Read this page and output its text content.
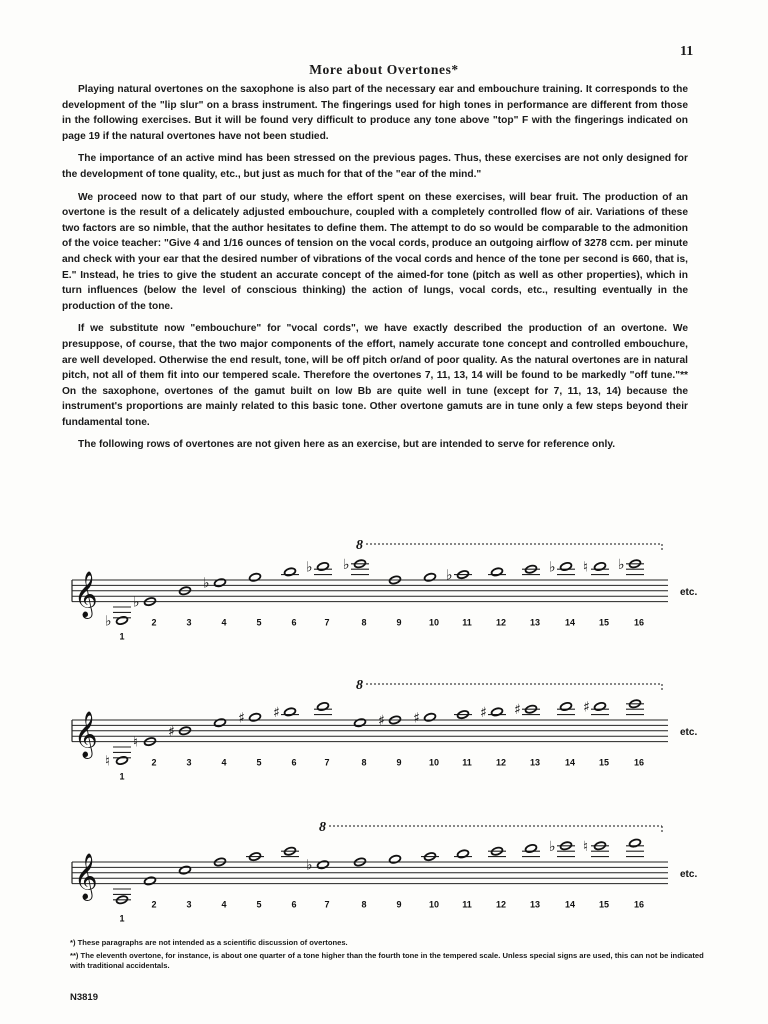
11
More about Overtones*

Playing natural overtones on the saxophone is also part of the necessary ear and embouchure training. It corresponds to the development of the "lip slur" on a brass instrument. The fingerings used for high tones in performance are different from those in the following exercises. But it will be found very difficult to produce any tone above "top" F with the fingerings indicated on page 19 if the natural overtones have not been studied.

The importance of an active mind has been stressed on the previous pages. Thus, these exercises are not only designed for the development of tone quality, etc., but just as much for that of the "ear of the mind."

We proceed now to that part of our study, where the effort spent on these exercises, will bear fruit. The production of an overtone is the result of a delicately adjusted embouchure, coupled with a completely controlled flow of air. Variations of these two factors are so nimble, that the author hesitates to define them. The attempt to do so would be comparable to the admonition of the voice teacher: "Give 4 and 1/16 ounces of tension on the vocal cords, produce an outgoing airflow of 3278 ccm. per minute and check with your ear that the desired number of vibrations of the vocal cords and hence of the tone per second is 660, that is, E." Instead, he tries to give the student an accurate concept of the aimed-for tone (pitch as well as other properties), which in turn influences (below the level of conscious thinking) the action of lungs, vocal cords, etc., resulting eventually in the production of the tone.

If we substitute now "embouchure" for "vocal cords", we have exactly described the production of an overtone. We presuppose, of course, that the two major components of the effort, namely accurate tone concept and controlled embouchure, are well developed. Otherwise the end result, tone, will be off pitch or/and of poor quality. As the natural overtones are in natural pitch, not all of them fit into our tempered scale. Therefore the overtones 7, 11, 13, 14 will be found to be markedly "off tune."** On the saxophone, overtones of the gamut built on low Bb are quite well in tune (except for 7, 11, 13, 14) because the instrument's proportions are mainly related to this basic tone. Other overtone gamuts are in tune only a few steps beyond their fundamental tone.

The following rows of overtones are not given here as an exercise, but are intended to serve for reference only.

𝄞
♭
1
♭
2	3
♭
4	5	6
♭
7
♭
8	9	10
♭
11	12	13
♭
14
♮
15
♭
16
etc.
8
𝄞
♮
1
♮
2
♯
3	4
♯
5
♯
6	7	8
♯
9
♯
10	11
♯
12
♯
13	14
♯
15	16
etc.
8
𝄞
1
2	3	4	5	6
♭
7	8	9	10	11	12	13
♭
14
♮
15	16
etc.
8
*) These paragraphs are not intended as a scientific discussion of overtones.
**) The eleventh overtone, for instance, is about one quarter of a tone higher than the fourth tone in the tempered scale. Unless special signs are used, this can not be indicated with traditional accidentals.
N3819
